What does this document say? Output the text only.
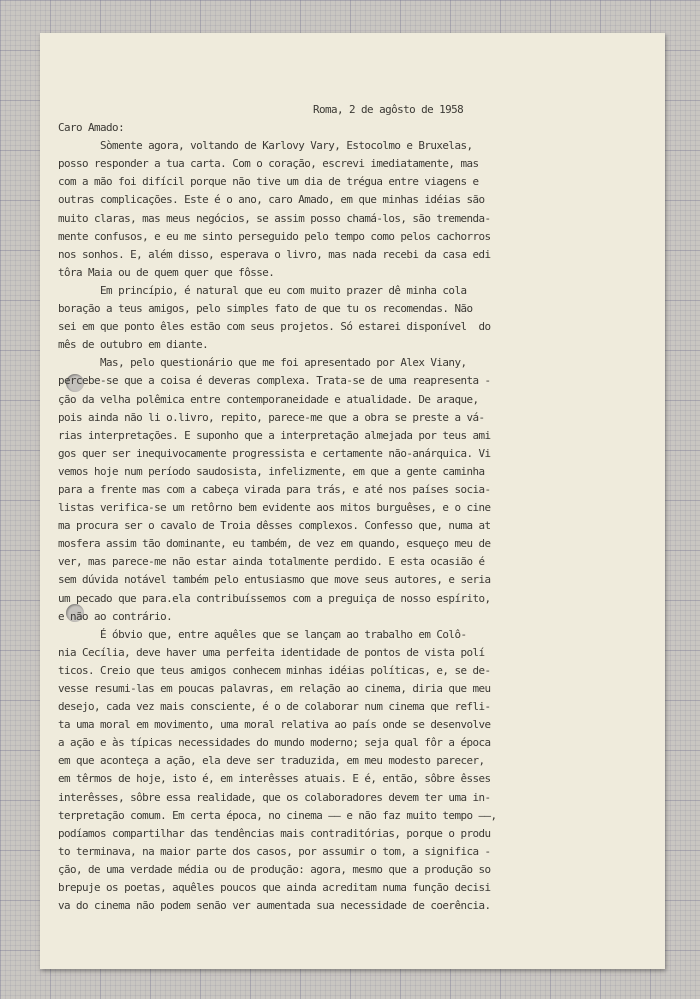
Roma, 2 de agôsto de 1958
Caro Amado:
Sòmente agora, voltando de Karlovy Vary, Estocolmo e Bruxelas,
posso responder a tua carta. Com o coração, escrevi imediatamente, mas
com a mão foi difícil porque não tive um dia de trégua entre viagens e
outras complicações. Este é o ano, caro Amado, em que minhas idéias são
muito claras, mas meus negócios, se assim posso chamá-los, são tremenda-
mente confusos, e eu me sinto perseguido pelo tempo como pelos cachorros
nos sonhos. E, além disso, esperava o livro, mas nada recebi da casa edi
tôra Maia ou de quem quer que fôsse.
Em princípio, é natural que eu com muito prazer dê minha cola
boração a teus amigos, pelo simples fato de que tu os recomendas. Não
sei em que ponto êles estão com seus projetos. Só estarei disponível  do
mês de outubro em diante.
Mas, pelo questionário que me foi apresentado por Alex Viany,
percebe-se que a coisa é deveras complexa. Trata-se de uma reapresenta -
ção da velha polêmica entre contemporaneidade e atualidade. De araque,
pois ainda não li o.livro, repito, parece-me que a obra se preste a vá-
rias interpretações. E suponho que a interpretação almejada por teus ami
gos quer ser inequivocamente progressista e certamente não-anárquica. Vi
vemos hoje num período saudosista, infelizmente, em que a gente caminha
para a frente mas com a cabeça virada para trás, e até nos países socia-
listas verifica-se um retôrno bem evidente aos mitos burguêses, e o cine
ma procura ser o cavalo de Troia dêsses complexos. Confesso que, numa at
mosfera assim tão dominante, eu também, de vez em quando, esqueço meu de
ver, mas parece-me não estar ainda totalmente perdido. E esta ocasião é
sem dúvida notável também pelo entusiasmo que move seus autores, e seria
um pecado que para.ela contribuíssemos com a preguiça de nosso espírito,
e não ao contrário.
É óbvio que, entre aquêles que se lançam ao trabalho em Colô-
nia Cecília, deve haver uma perfeita identidade de pontos de vista polí
ticos. Creio que teus amigos conhecem minhas idéias políticas, e, se de-
vesse resumi-las em poucas palavras, em relação ao cinema, diria que meu
desejo, cada vez mais consciente, é o de colaborar num cinema que refli-
ta uma moral em movimento, uma moral relativa ao país onde se desenvolve
a ação e às típicas necessidades do mundo moderno; seja qual fôr a época
em que aconteça a ação, ela deve ser traduzida, em meu modesto parecer,
em têrmos de hoje, isto é, em interêsses atuais. E é, então, sôbre êsses
interêsses, sôbre essa realidade, que os colaboradores devem ter uma in-
terpretação comum. Em certa época, no cinema –– e não faz muito tempo ––,
podíamos compartilhar das tendências mais contraditórias, porque o produ
to terminava, na maior parte dos casos, por assumir o tom, a significa -
ção, de uma verdade média ou de produção: agora, mesmo que a produção so
brepuje os poetas, aquêles poucos que ainda acreditam numa função decisi
va do cinema não podem senão ver aumentada sua necessidade de coerência.
